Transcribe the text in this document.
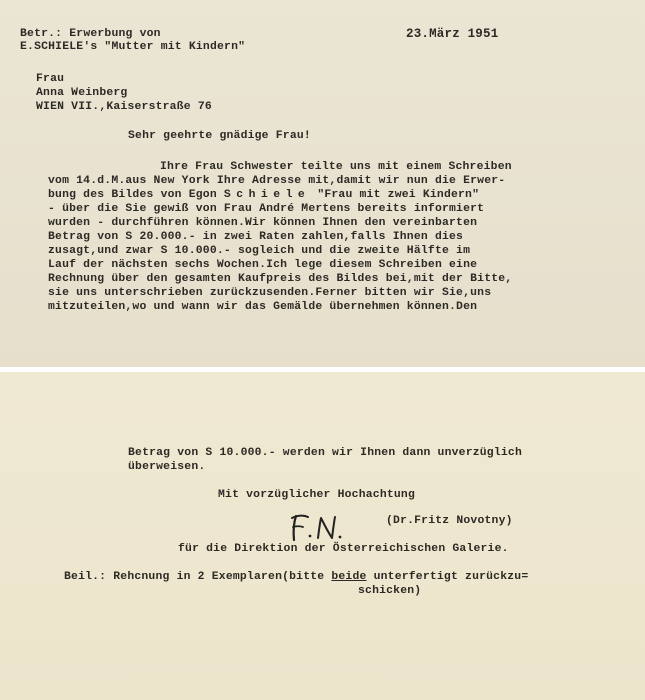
Betr.: Erwerbung von
E.SCHIELE's "Mutter mit Kindern"
23.März 1951
Frau
Anna Weinberg
WIEN VII.,Kaiserstraße 76
Sehr geehrte gnädige Frau!
Ihre Frau Schwester teilte uns mit einem Schreiben
vom 14.d.M.aus New York Ihre Adresse mit,damit wir nun die Erwer-
bung des Bildes von Egon Schiele "Frau mit zwei Kindern"
- über die Sie gewiß von Frau André Mertens bereits informiert
wurden - durchführen können.Wir können Ihnen den vereinbarten
Betrag von S 20.000.- in zwei Raten zahlen,falls Ihnen dies
zusagt,und zwar S 10.000.- sogleich und die zweite Hälfte im
Lauf der nächsten sechs Wochen.Ich lege diesem Schreiben eine
Rechnung über den gesamten Kaufpreis des Bildes bei,mit der Bitte,
sie uns unterschrieben zurückzusenden.Ferner bitten wir Sie,uns
mitzuteilen,wo und wann wir das Gemälde übernehmen können.Den
Betrag von S 10.000.- werden wir Ihnen dann unverzüglich
überweisen.
Mit vorzüglicher Hochachtung
(Dr.Fritz Novotny)
für die Direktion der Österreichischen Galerie.
Beil.: Rehcnung in 2 Exemplaren(bitte beide unterfertigt zurückzu=
schicken)
